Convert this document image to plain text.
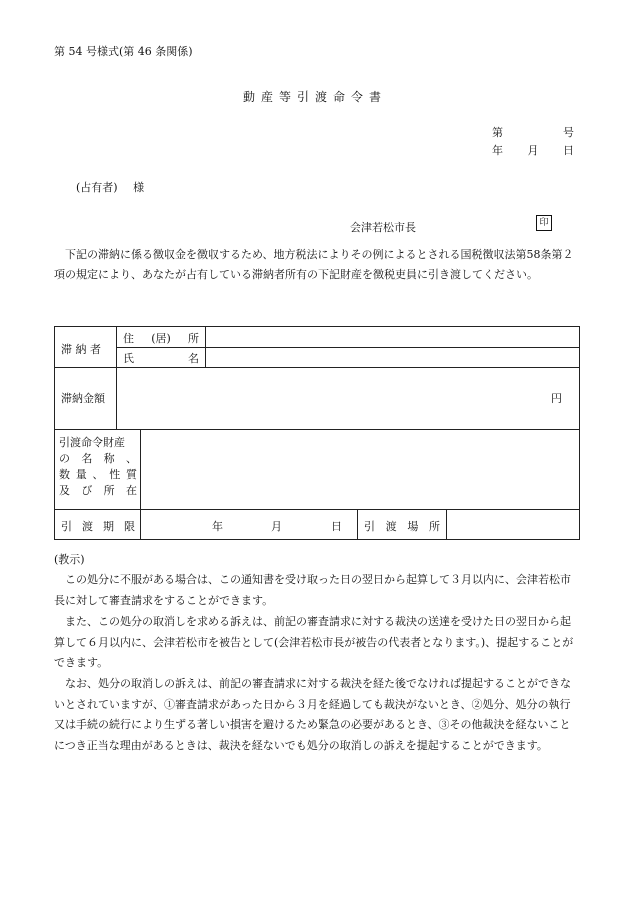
第 54 号様式(第 46 条関係)
動産等引渡命令書
第	号
年 月 日
(占有者) 様
会津若松市長	印
下記の滞納に係る徴収金を徴収するため、地方税法によりその例によるとされる国税徴収法第58条第２項の規定により、あなたが占有している滞納者所有の下記財産を徴税吏員に引き渡してください。
滞 納 者
住 (居) 所
氏	名
滞納金額	円
引渡命令財産
の 名 称 、
数 量 、 性 質
及 び 所 在
引 渡 期 限	年	月	日 引 渡 場 所
(教示)
この処分に不服がある場合は、この通知書を受け取った日の翌日から起算して３月以内に、会津若松市長に対して審査請求をすることができます。
また、この処分の取消しを求める訴えは、前記の審査請求に対する裁決の送達を受けた日の翌日から起算して６月以内に、会津若松市を被告として(会津若松市長が被告の代表者となります。)、提起することができます。
なお、処分の取消しの訴えは、前記の審査請求に対する裁決を経た後でなければ提起することができないとされていますが、①審査請求があった日から３月を経過しても裁決がないとき、②処分、処分の執行又は手続の続行により生ずる著しい損害を避けるため緊急の必要があるとき、③その他裁決を経ないことにつき正当な理由があるときは、裁決を経ないでも処分の取消しの訴えを提起することができます。
